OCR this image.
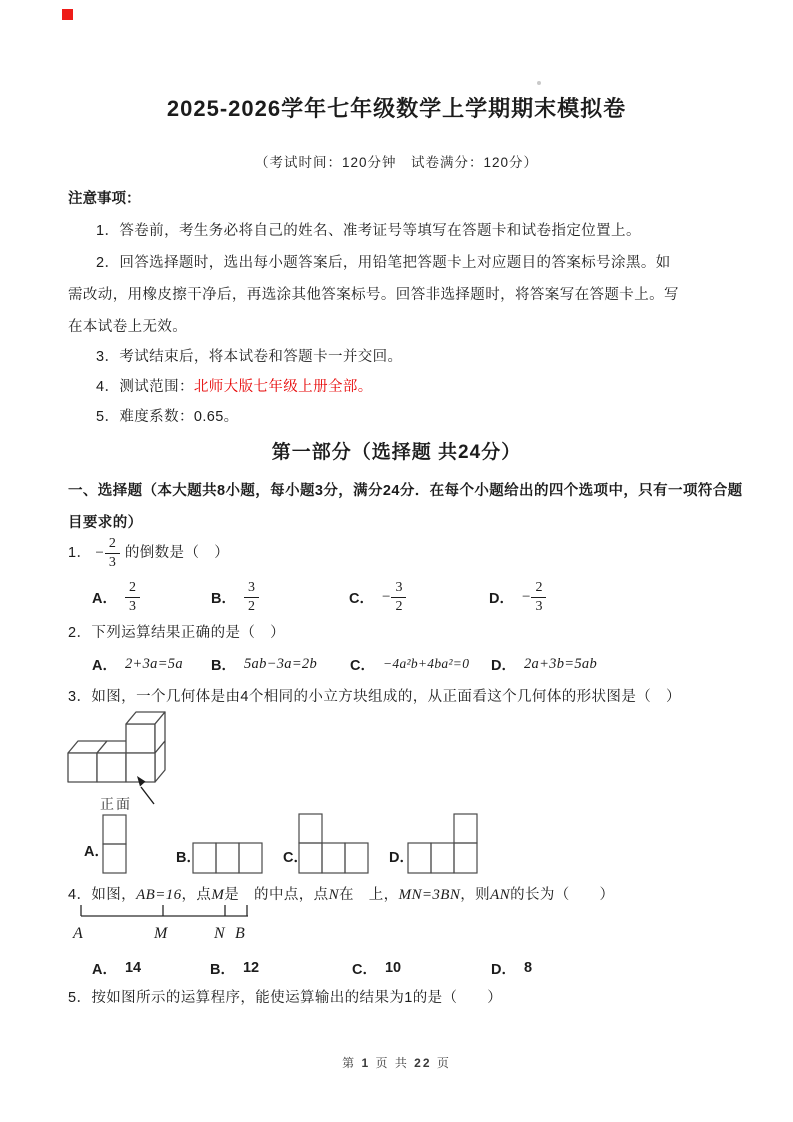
2025-2026学年七年级数学上学期期末模拟卷
（考试时间：120分钟　试卷满分：120分）
注意事项：
1．答卷前，考生务必将自己的姓名、准考证号等填写在答题卡和试卷指定位置上。
2．回答选择题时，选出每小题答案后，用铅笔把答题卡上对应题目的答案标号涂黑。如
需改动，用橡皮擦干净后，再选涂其他答案标号。回答非选择题时，将答案写在答题卡上。写
在本试卷上无效。
3．考试结束后，将本试卷和答题卡一并交回。
4．测试范围：北师大版七年级上册全部。
5．难度系数：0.65。
第一部分（选择题 共24分）
一、选择题（本大题共8小题，每小题3分，满分24分．在每个小题给出的四个选项中，只有一项符合题
目要求的）
1． − $\frac{2}{3}$ 的倒数是（　）
A． $\frac{2}{3}$	B． $\frac{3}{2}$	C． − $\frac{3}{2}$	D． − $\frac{2}{3}$
2．下列运算结果正确的是（　）
A． 2+3a=5a B． 5ab−3a=2b C． −4a²b+4ba²=0 D． 2a+3b=5ab
3．如图，一个几何体是由4个相同的小立方块组成的，从正面看这个几何体的形状图是（　）
正面
A．	B．	C．	D．
4．如图，AB=16，点M是　的中点，点N在　上，MN=3BN，则AN的长为（　　）
A	M	N B
A． 14	B． 12	C． 10	D． 8
5．按如图所示的运算程序，能使运算输出的结果为1的是（　　）
第 1 页 共 22 页
